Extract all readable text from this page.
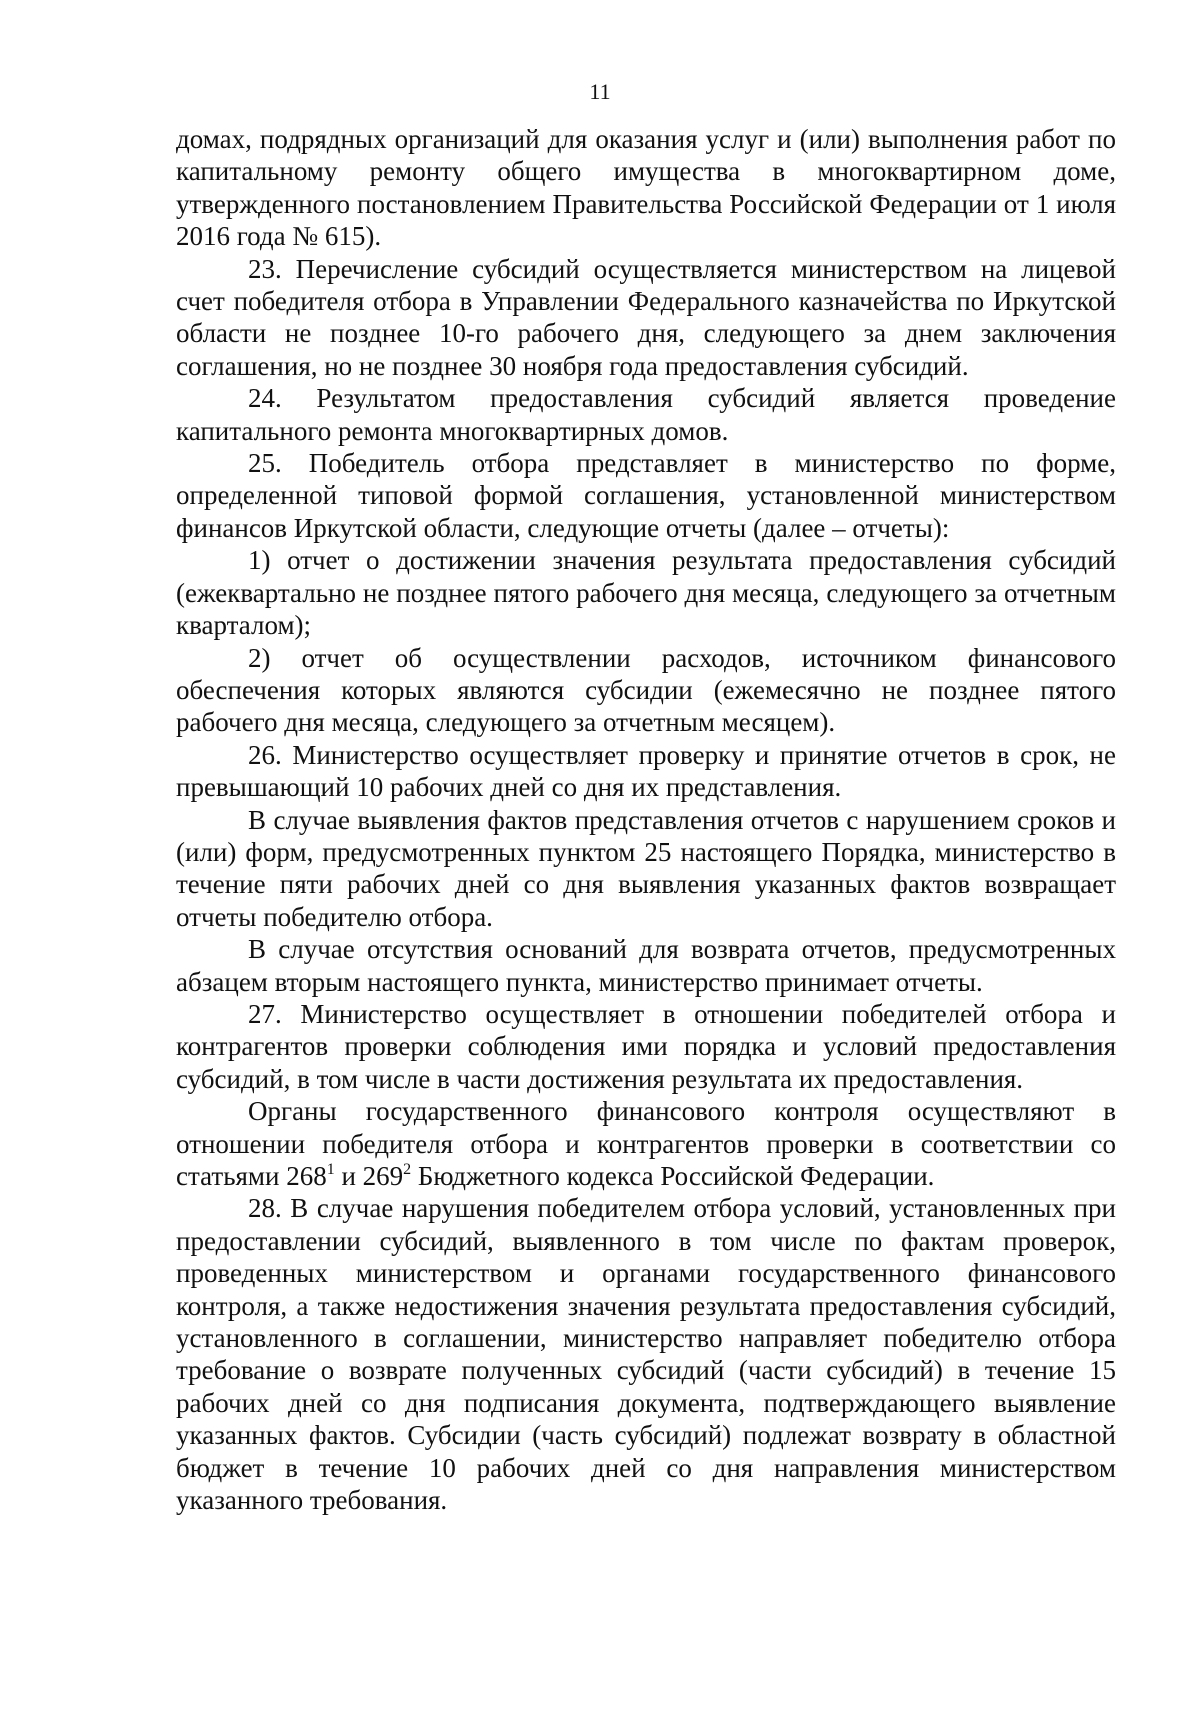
11

домах, подрядных организаций для оказания услуг и (или) выполнения работ по капитальному ремонту общего имущества в многоквартирном доме, утвержденного постановлением Правительства Российской Федерации от 1 июля 2016 года № 615).

23. Перечисление субсидий осуществляется министерством на лицевой счет победителя отбора в Управлении Федерального казначейства по Иркутской области не позднее 10-го рабочего дня, следующего за днем заключения соглашения, но не позднее 30 ноября года предоставления субсидий.

24. Результатом предоставления субсидий является проведение капитального ремонта многоквартирных домов.

25. Победитель отбора представляет в министерство по форме, определенной типовой формой соглашения, установленной министерством финансов Иркутской области, следующие отчеты (далее – отчеты):

1) отчет о достижении значения результата предоставления субсидий (ежеквартально не позднее пятого рабочего дня месяца, следующего за отчетным кварталом);

2) отчет об осуществлении расходов, источником финансового обеспечения которых являются субсидии (ежемесячно не позднее пятого рабочего дня месяца, следующего за отчетным месяцем).

26. Министерство осуществляет проверку и принятие отчетов в срок, не превышающий 10 рабочих дней со дня их представления.

В случае выявления фактов представления отчетов с нарушением сроков и (или) форм, предусмотренных пунктом 25 настоящего Порядка, министерство в течение пяти рабочих дней со дня выявления указанных фактов возвращает отчеты победителю отбора.

В случае отсутствия оснований для возврата отчетов, предусмотренных абзацем вторым настоящего пункта, министерство принимает отчеты.

27. Министерство осуществляет в отношении победителей отбора и контрагентов проверки соблюдения ими порядка и условий предоставления субсидий, в том числе в части достижения результата их предоставления.

Органы государственного финансового контроля осуществляют в отношении победителя отбора и контрагентов проверки в соответствии со статьями $268^1$ и $269^2$ Бюджетного кодекса Российской Федерации.

28. В случае нарушения победителем отбора условий, установленных при предоставлении субсидий, выявленного в том числе по фактам проверок, проведенных министерством и органами государственного финансового контроля, а также недостижения значения результата предоставления субсидий, установленного в соглашении, министерство направляет победителю отбора требование о возврате полученных субсидий (части субсидий) в течение 15 рабочих дней со дня подписания документа, подтверждающего выявление указанных фактов. Субсидии (часть субсидий) подлежат возврату в областной бюджет в течение 10 рабочих дней со дня направления министерством указанного требования.
